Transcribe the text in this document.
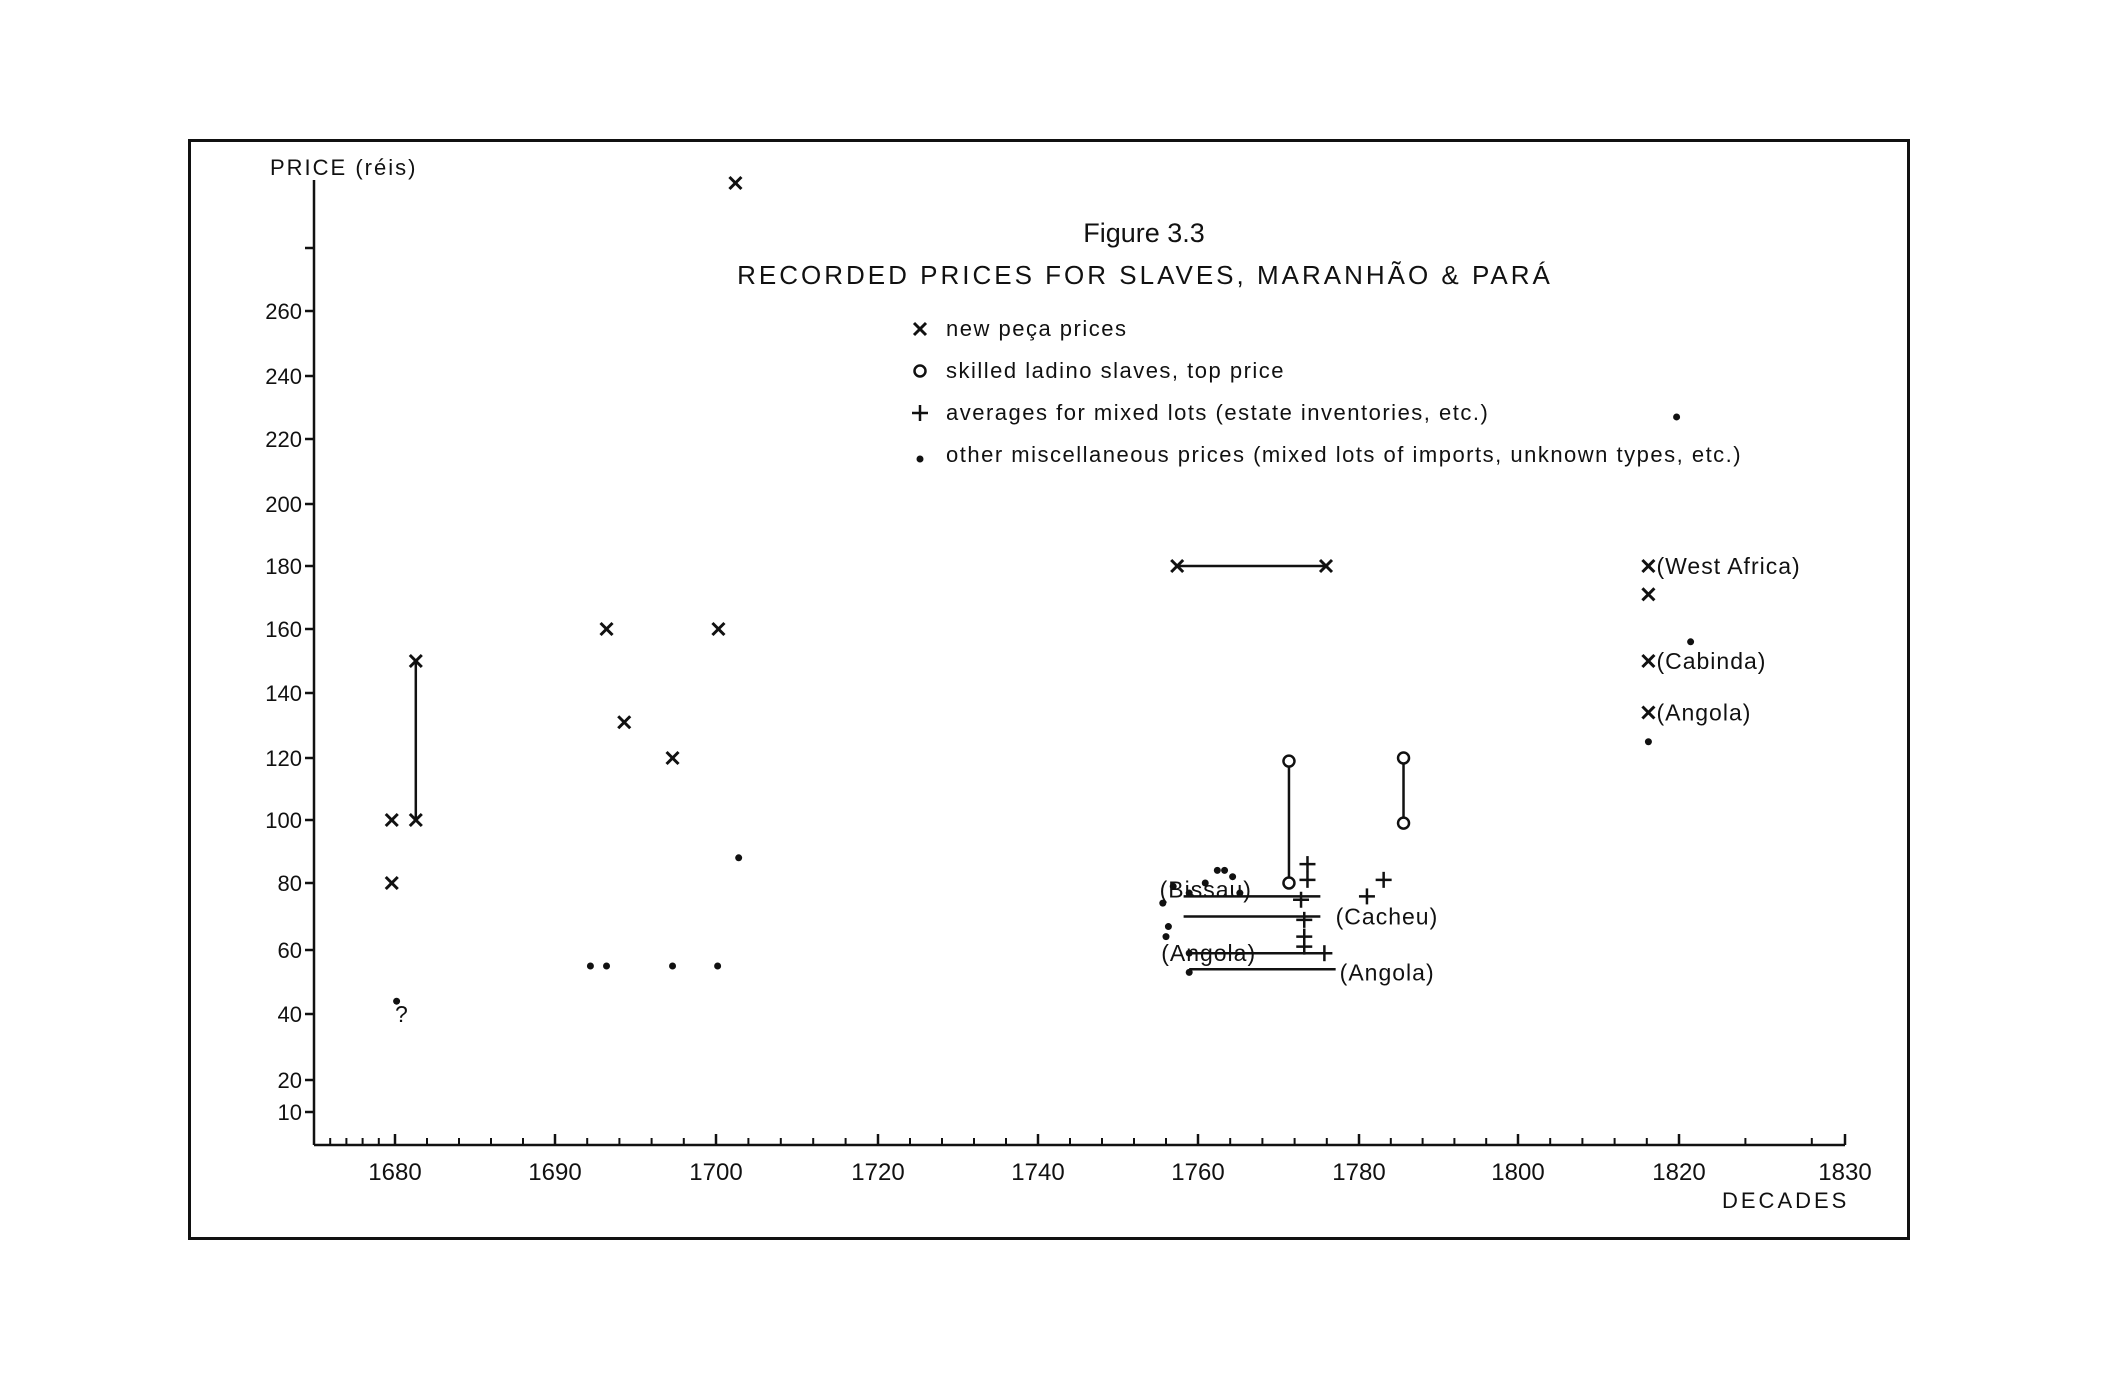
PRICE (réis)
DECADES
Figure 3.3
RECORDED PRICES FOR SLAVES, MARANHÃO & PARÁ
new peça prices
skilled ladino slaves, top price
averages for mixed lots (estate inventories, etc.)
other miscellaneous prices (mixed lots of imports, unknown types, etc.)
10
20
40
60
80
100
120
140
160
180
200
220
240
260
1680	1690	1700	1720	1740	1760	1780	1800	1820	1830
(West Africa)
(Cabinda)
(Angola)
(Bissau)
(Cacheu)
(Angola)
(Angola)
?
